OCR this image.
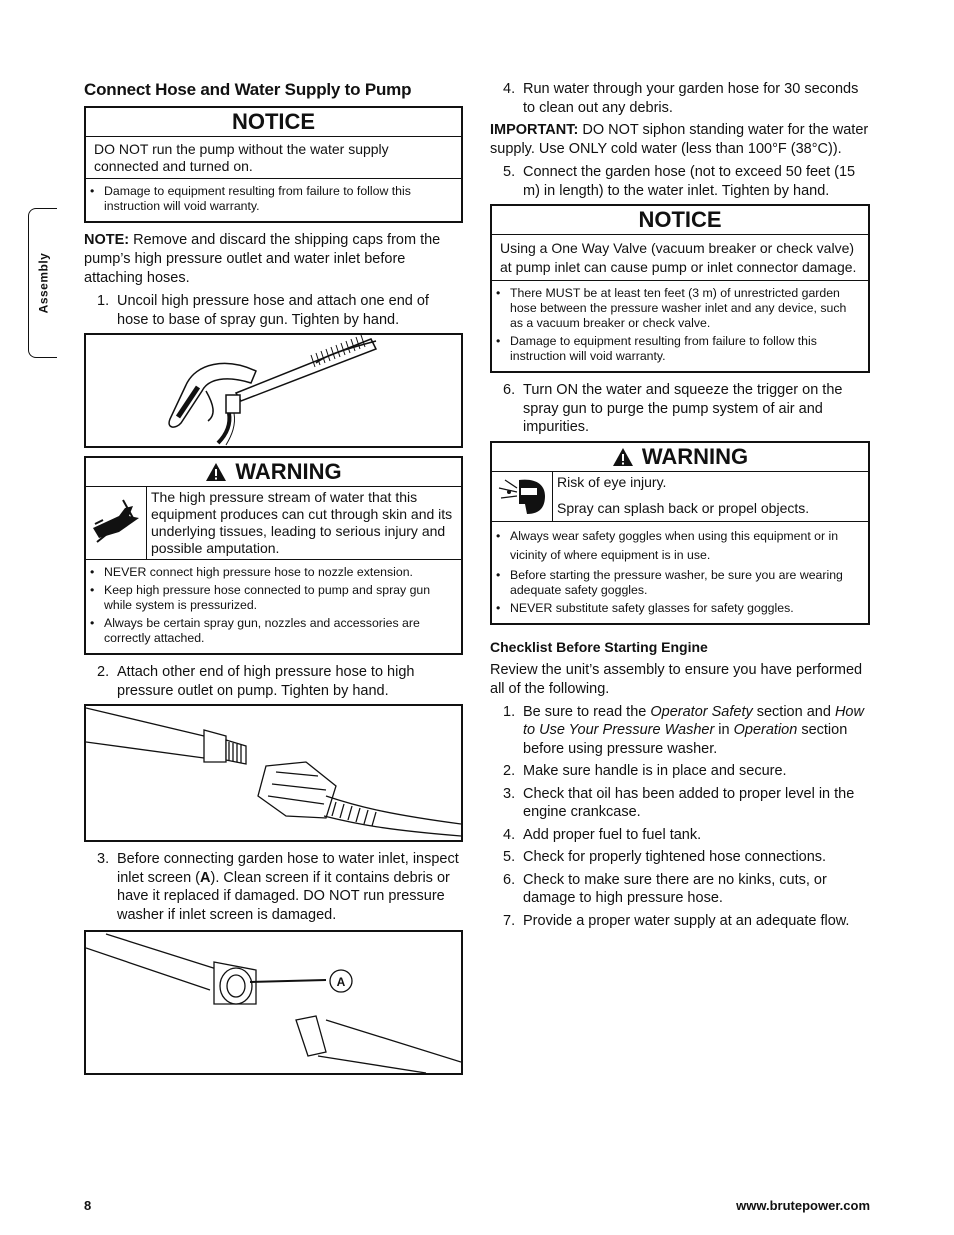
Assembly
Connect Hose and Water Supply to Pump
NOTICE
DO NOT run the pump without the water supply connected and turned on.
• Damage to equipment resulting from failure to follow this instruction will void warranty.

NOTE: Remove and discard the shipping caps from the pump’s high pressure outlet and water inlet before attaching hoses.

1. Uncoil high pressure hose and attach one end of hose to base of spray gun. Tighten by hand.
WARNING
The high pressure stream of water that this equipment produces can cut through skin and its underlying tissues, leading to serious injury and possible amputation.
• NEVER connect high pressure hose to nozzle extension.
• Keep high pressure hose connected to pump and spray gun while system is pressurized.
• Always be certain spray gun, nozzles and accessories are correctly attached.
2. Attach other end of high pressure hose to high pressure outlet on pump. Tighten by hand.
3. Before connecting garden hose to water inlet, inspect inlet screen (A). Clean screen if it contains debris or have it replaced if damaged. DO NOT run pressure washer if inlet screen is damaged.
A
4. Run water through your garden hose for 30 seconds to clean out any debris.

IMPORTANT: DO NOT siphon standing water for the water supply. Use ONLY cold water (less than 100°F (38°C)).

5. Connect the garden hose (not to exceed 50 feet (15 m) in length) to the water inlet. Tighten by hand.
NOTICE
Using a One Way Valve (vacuum breaker or check valve) at pump inlet can cause pump or inlet connector damage.
• There MUST be at least ten feet (3 m) of unrestricted garden hose between the pressure washer inlet and any device, such as a vacuum breaker or check valve.
• Damage to equipment resulting from failure to follow this instruction will void warranty.
6. Turn ON the water and squeeze the trigger on the spray gun to purge the pump system of air and impurities.
WARNING
Risk of eye injury.
Spray can splash back or propel objects.
• Always wear safety goggles when using this equipment or in vicinity of where equipment is in use.
• Before starting the pressure washer, be sure you are wearing adequate safety goggles.
• NEVER substitute safety glasses for safety goggles.
Checklist Before Starting Engine

Review the unit’s assembly to ensure you have performed all of the following.

1. Be sure to read the Operator Safety section and How to Use Your Pressure Washer in Operation section before using pressure washer.
2. Make sure handle is in place and secure.
3. Check that oil has been added to proper level in the engine crankcase.
4. Add proper fuel to fuel tank.
5. Check for properly tightened hose connections.
6. Check to make sure there are no kinks, cuts, or damage to high pressure hose.
7. Provide a proper water supply at an adequate flow.
8	www.brutepower.com
